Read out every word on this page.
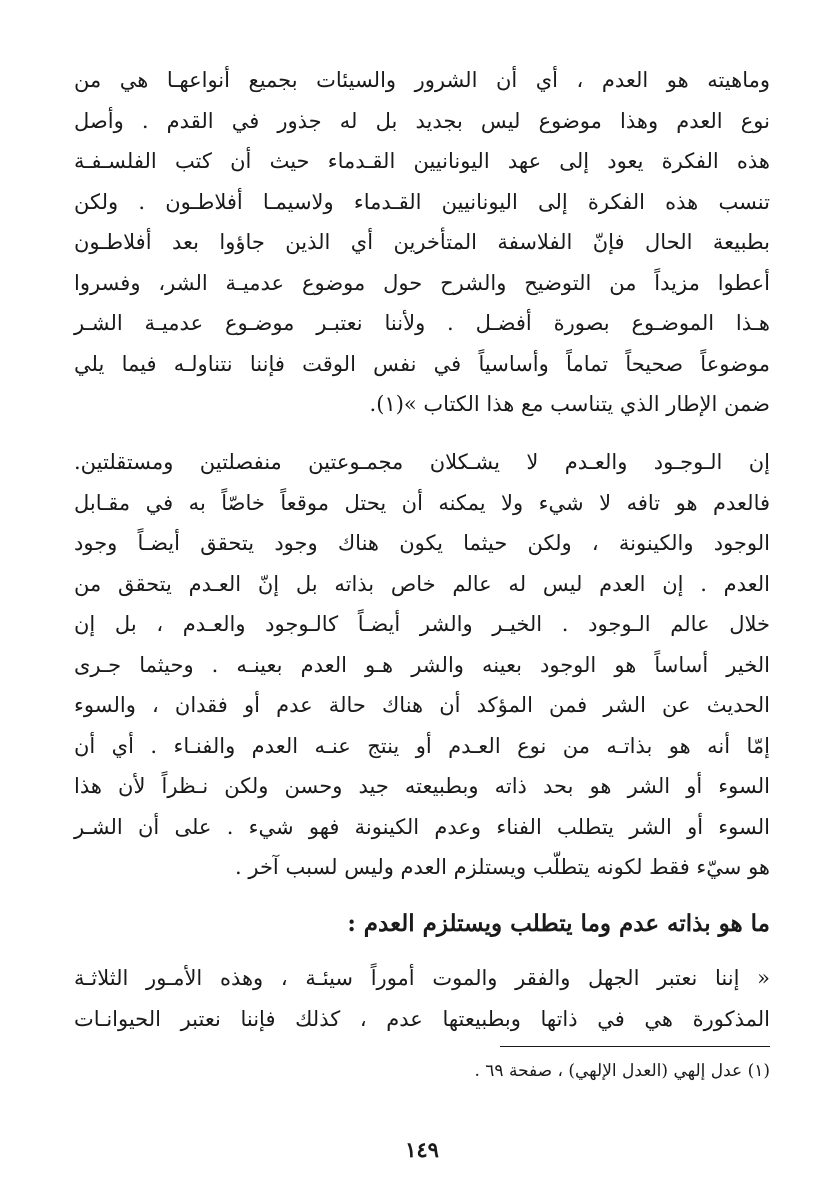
وماهيته هو العدم ، أي أن الشرور والسيئات بجميع أنواعهـا هي من
نوع العدم وهذا موضوع ليس بجديد بل له جذور في القدم . وأصل
هذه الفكرة يعود إلى عهد اليونانيين القـدماء حيث أن كتب الفلسـفـة
تنسب هذه الفكرة إلى اليونانيين القـدماء ولاسيمـا أفلاطـون . ولكن
بطبيعة الحال فإنّ الفلاسفة المتأخرين أي الذين جاؤوا بعد أفلاطـون
أعطوا مزيداً من التوضيح والشرح حول موضوع عدميـة الشر، وفسروا
هـذا الموضـوع بصورة أفضـل . ولأننا نعتبـر موضـوع عدميـة الشـر
موضوعاً صحيحاً تماماً وأساسياً في نفس الوقت فإننا نتناولـه فيما يلي
ضمن الإطار الذي يتناسب مع هذا الكتاب »(١).
إن الـوجـود والعـدم لا يشـكلان مجمـوعتين منفصلتين ومستقلتين.
فالعدم هو تافه لا شيء ولا يمكنه أن يحتل موقعاً خاصّاً به في مقـابل
الوجود والكينونة ، ولكن حيثما يكون هناك وجود يتحقق أيضـاً وجود
العدم . إن العدم ليس له عالم خاص بذاته بل إنّ العـدم يتحقق من
خلال عالم الـوجود . الخيـر والشر أيضـاً كالـوجود والعـدم ، بل إن
الخير أساساً هو الوجود بعينه والشر هـو العدم بعينـه . وحيثما جـرى
الحديث عن الشر فمن المؤكد أن هناك حالة عدم أو فقدان ، والسوء
إمّا أنه هو بذاتـه من نوع العـدم أو ينتج عنـه العدم والفنـاء . أي أن
السوء أو الشر هو بحد ذاته وبطبيعته جيد وحسن ولكن نـظراً لأن هذا
السوء أو الشر يتطلب الفناء وعدم الكينونة فهو شيء . على أن الشـر
هو سيّء فقط لكونه يتطلّب ويستلزم العدم وليس لسبب آخر .
ما هو بذاته عدم وما يتطلب ويستلزم العدم :
« إننا نعتبر الجهل والفقر والموت أموراً سيئـة ، وهذه الأمـور الثلاثـة
المذكورة هي في ذاتها وبطبيعتها عدم ، كذلك فإننا نعتبر الحيوانـات
(١) عدل إلهي (العدل الإلهي) ، صفحة ٦٩ .
١٤٩
